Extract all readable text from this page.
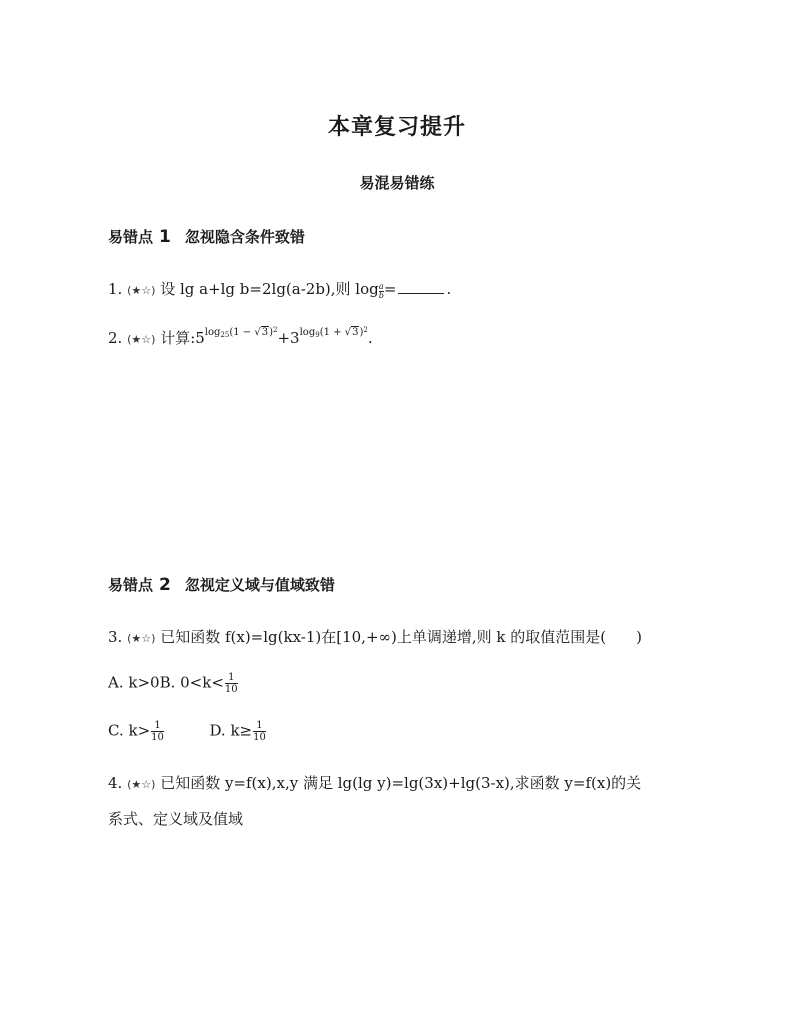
本章复习提升
易混易错练
易错点 1 忽视隐含条件致错
1. (★☆) 设 lg a+lg b=2lg(a-2b),则 $\log \frac{a}{b}$ =	.
2. (★☆) 计算$:5^{log_{25}(1 - √3)^2}+3^{log_9(1 + √3)^2}$.
易错点 2 忽视定义域与值域致错
3. (★☆) 已知函数 f(x)=lg(kx-1)在[10,+∞)上单调递增,则 k 的取值范围是(　　)
A. k>0B. $0<k< \frac{1}{10}$
C. $k> \frac{1}{10}$	D. $k\ge \frac{1}{10}$
4. (★☆) 已知函数 y=f(x),x,y 满足 lg(lg y)=lg(3x)+lg(3-x),求函数 y=f(x)的关
系式、定义域及值域
